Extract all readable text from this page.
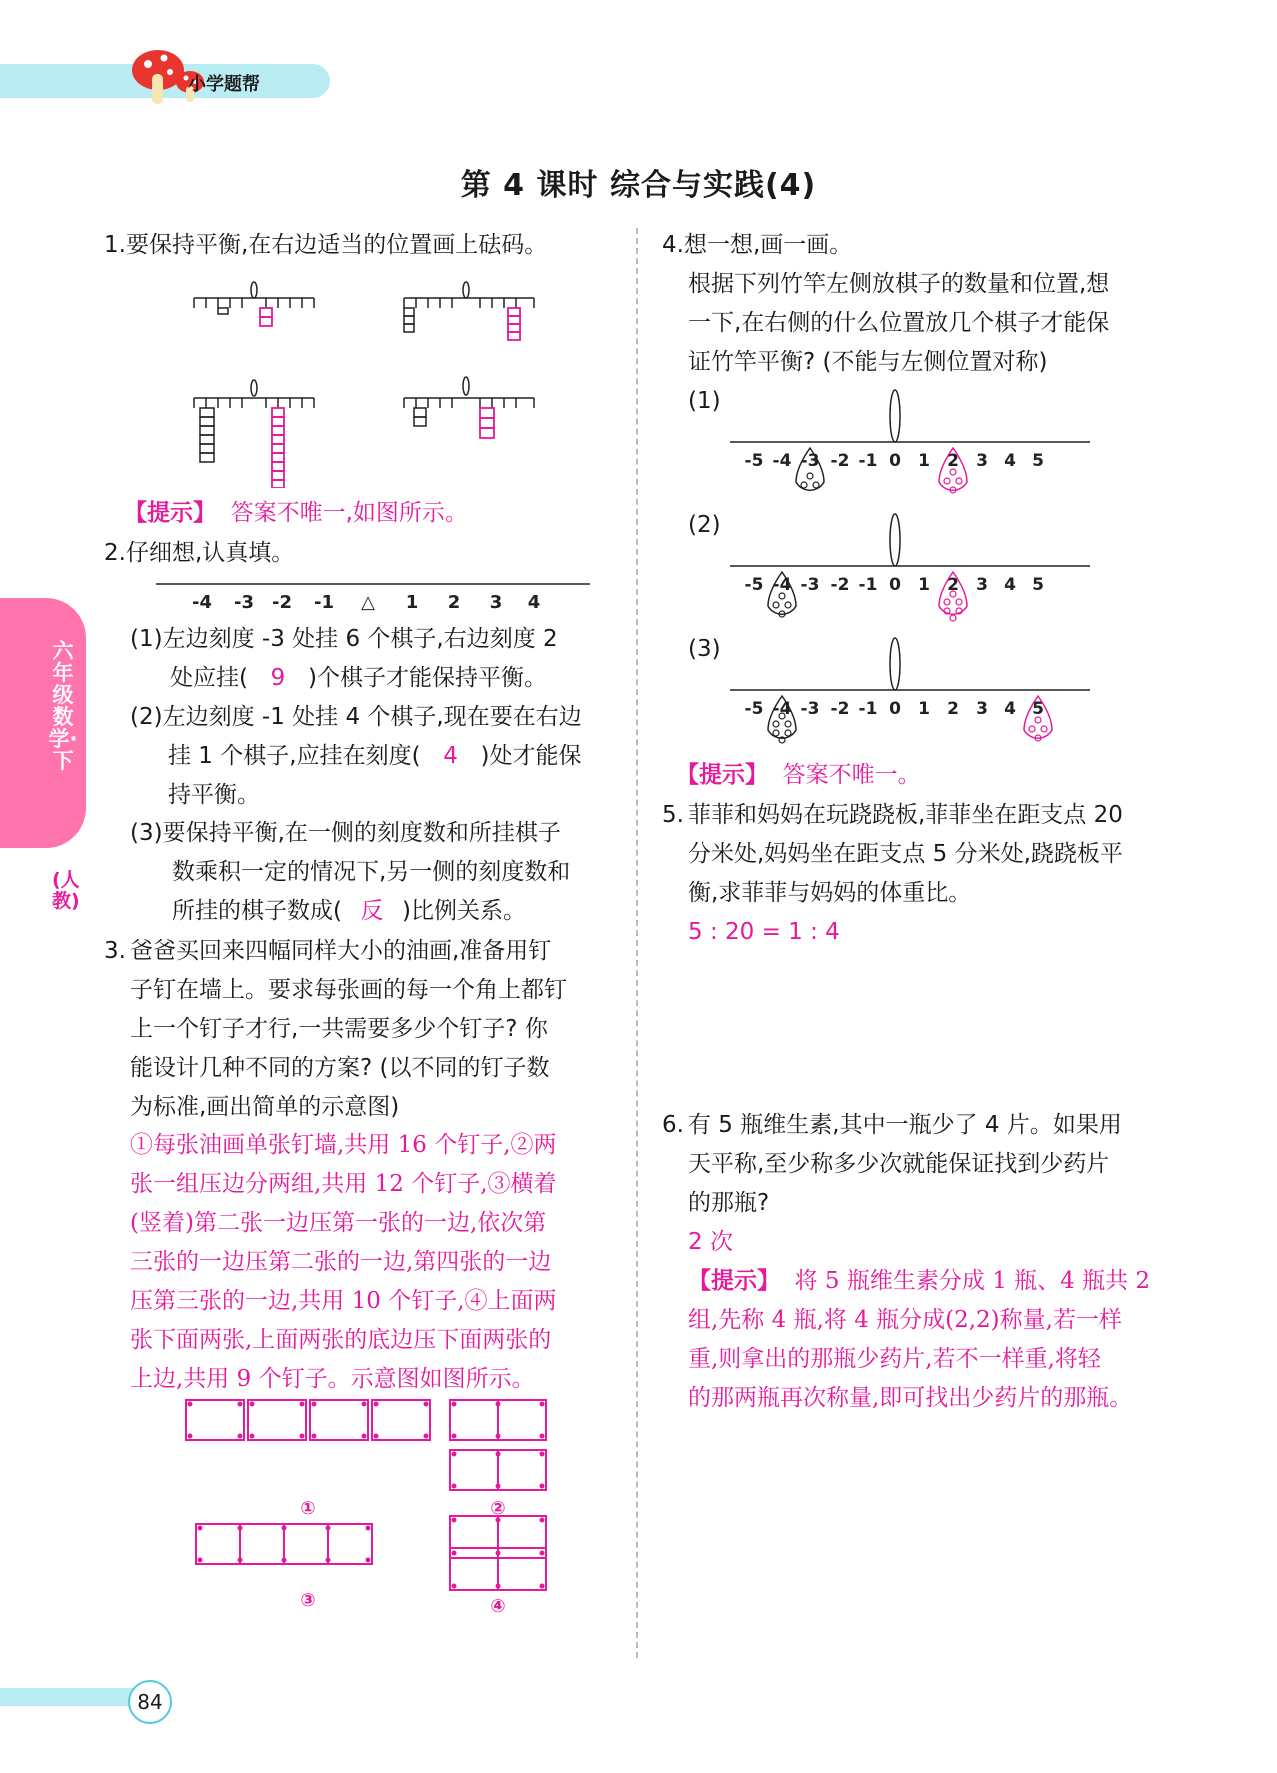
小学题帮
第 4 课时 综合与实践(4)
六年级数学·下
(人教)
84
1.要保持平衡,在右边适当的位置画上砝码。
【提示】 答案不唯一,如图所示。
2.仔细想,认真填。
-4 -3 -2 -1 △ 1 2 3 4
(1)左边刻度 -3 处挂 6 个棋子,右边刻度 2
处应挂( 9 )个棋子才能保持平衡。
(2)左边刻度 -1 处挂 4 个棋子,现在要在右边
挂 1 个棋子,应挂在刻度( 4 )处才能保
持平衡。
(3)要保持平衡,在一侧的刻度数和所挂棋子
数乘积一定的情况下,另一侧的刻度数和
所挂的棋子数成( 反 )比例关系。
3. 爸爸买回来四幅同样大小的油画,准备用钉
子钉在墙上。要求每张画的每一个角上都钉
上一个钉子才行,一共需要多少个钉子? 你
能设计几种不同的方案? (以不同的钉子数
为标准,画出简单的示意图)
①每张油画单张钉墙,共用 16 个钉子,②两
张一组压边分两组,共用 12 个钉子,③横着
(竖着)第二张一边压第一张的一边,依次第
三张的一边压第二张的一边,第四张的一边
压第三张的一边,共用 10 个钉子,④上面两
张下面两张,上面两张的底边压下面两张的
上边,共用 9 个钉子。示意图如图所示。
①	②
③	④
4.想一想,画一画。
根据下列竹竿左侧放棋子的数量和位置,想
一下,在右侧的什么位置放几个棋子才能保
证竹竿平衡? (不能与左侧位置对称)
(1)
(2)
(3)
-5 -4 -3 -2 -1 0 1 2 3 4 5
-5 -4 -3 -2 -1 0 1 2 3 4 5
-5 -4 -3 -2 -1 0 1 2 3 4 5
【提示】 答案不唯一。
5. 菲菲和妈妈在玩跷跷板,菲菲坐在距支点 20
分米处,妈妈坐在距支点 5 分米处,跷跷板平
衡,求菲菲与妈妈的体重比。
5 : 20 = 1 : 4
6. 有 5 瓶维生素,其中一瓶少了 4 片。如果用
天平称,至少称多少次就能保证找到少药片
的那瓶?
2 次
【提示】 将 5 瓶维生素分成 1 瓶、4 瓶共 2
组,先称 4 瓶,将 4 瓶分成(2,2)称量,若一样
重,则拿出的那瓶少药片,若不一样重,将轻
的那两瓶再次称量,即可找出少药片的那瓶。
